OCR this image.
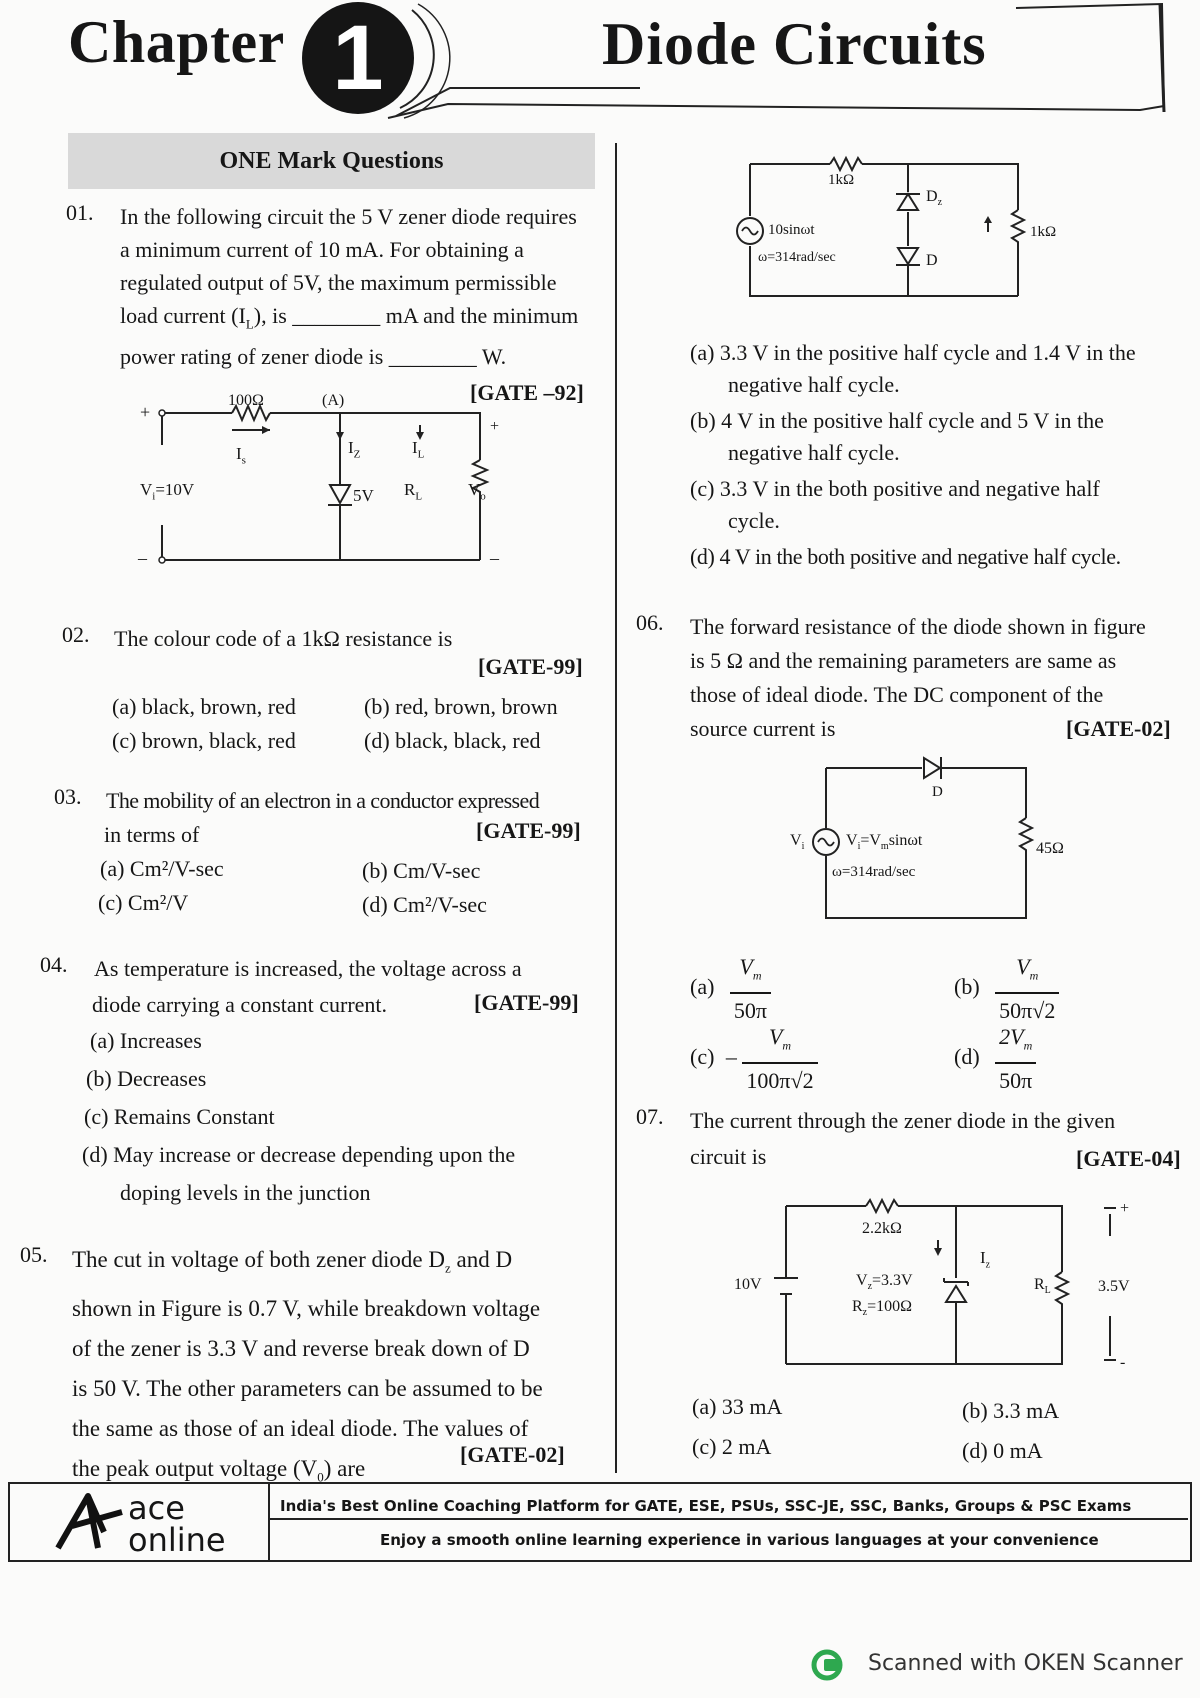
Chapter 1	Diode Circuits
ONE Mark Questions
01. In the following circuit the 5 V zener diode requires
a minimum current of 10 mA. For obtaining a
regulated output of 5V, the maximum permissible
load current $(I_L)$, is ________ mA and the minimum
power rating of zener diode is ________ W.
[GATE –92]
100Ω	(A)
+
$I_s$
$I_Z$	$I_L$
+
$V_i=10V$	5V $R_L$	$V_o$
–	–
02. The colour code of a 1kΩ resistance is
[GATE-99]
(a) black, brown, red	(b) red, brown, brown
(c) brown, black, red	(d) black, black, red
03. The mobility of an electron in a conductor expressed
in terms of	[GATE-99]
(a) Cm²/V-sec	(b) Cm/V-sec
(c) Cm²/V	(d) Cm²/V-sec
04. As temperature is increased, the voltage across a
diode carrying a constant current.	[GATE-99]
(a) Increases
(b) Decreases
(c) Remains Constant
(d) May increase or decrease depending upon the
doping levels in the junction
05. The cut in voltage of both zener diode $D_z$ and D
shown in Figure is 0.7 V, while breakdown voltage
of the zener is 3.3 V and reverse break down of D
is 50 V. The other parameters can be assumed to be
the same as those of an ideal diode. The values of
the peak output voltage $(V_0)$ are
[GATE-02]
1kΩ
10sinωt
ω=314rad/sec
$D_z$
D
1kΩ
(a) 3.3 V in the positive half cycle and 1.4 V in the
negative half cycle.
(b) 4 V in the positive half cycle and 5 V in the
negative half cycle.
(c) 3.3 V in the both positive and negative half
cycle.
(d) 4 V in the both positive and negative half cycle.
06. The forward resistance of the diode shown in figure
is 5 Ω and the remaining parameters are same as
those of ideal diode. The DC component of the
source current is	[GATE-02]
D
$V_i$	$V_i=V_m\sin\omega t$
ω=314rad/sec
45Ω
$(a) \frac{V_m}{50\pi}$	$(b) \frac{V_m}{50\pi√2}$
$(c) - \frac{V_m}{100\pi√2}$	$(d) \frac{2V_m}{50\pi}$
07. The current through the zener diode in the given
circuit is	[GATE-04]
2.2kΩ
10V	$V_z=3.3V$
$R_z=100\Omega$
$I_z$
$R_L$	3.5V
+
-
(a) 33 mA	(b) 3.3 mA
(c) 2 mA	(d) 0 mA
ace
online
India's Best Online Coaching Platform for GATE, ESE, PSUs, SSC-JE, SSC, Banks, Groups & PSC Exams
Enjoy a smooth online learning experience in various languages at your convenience
Scanned with OKEN Scanner
